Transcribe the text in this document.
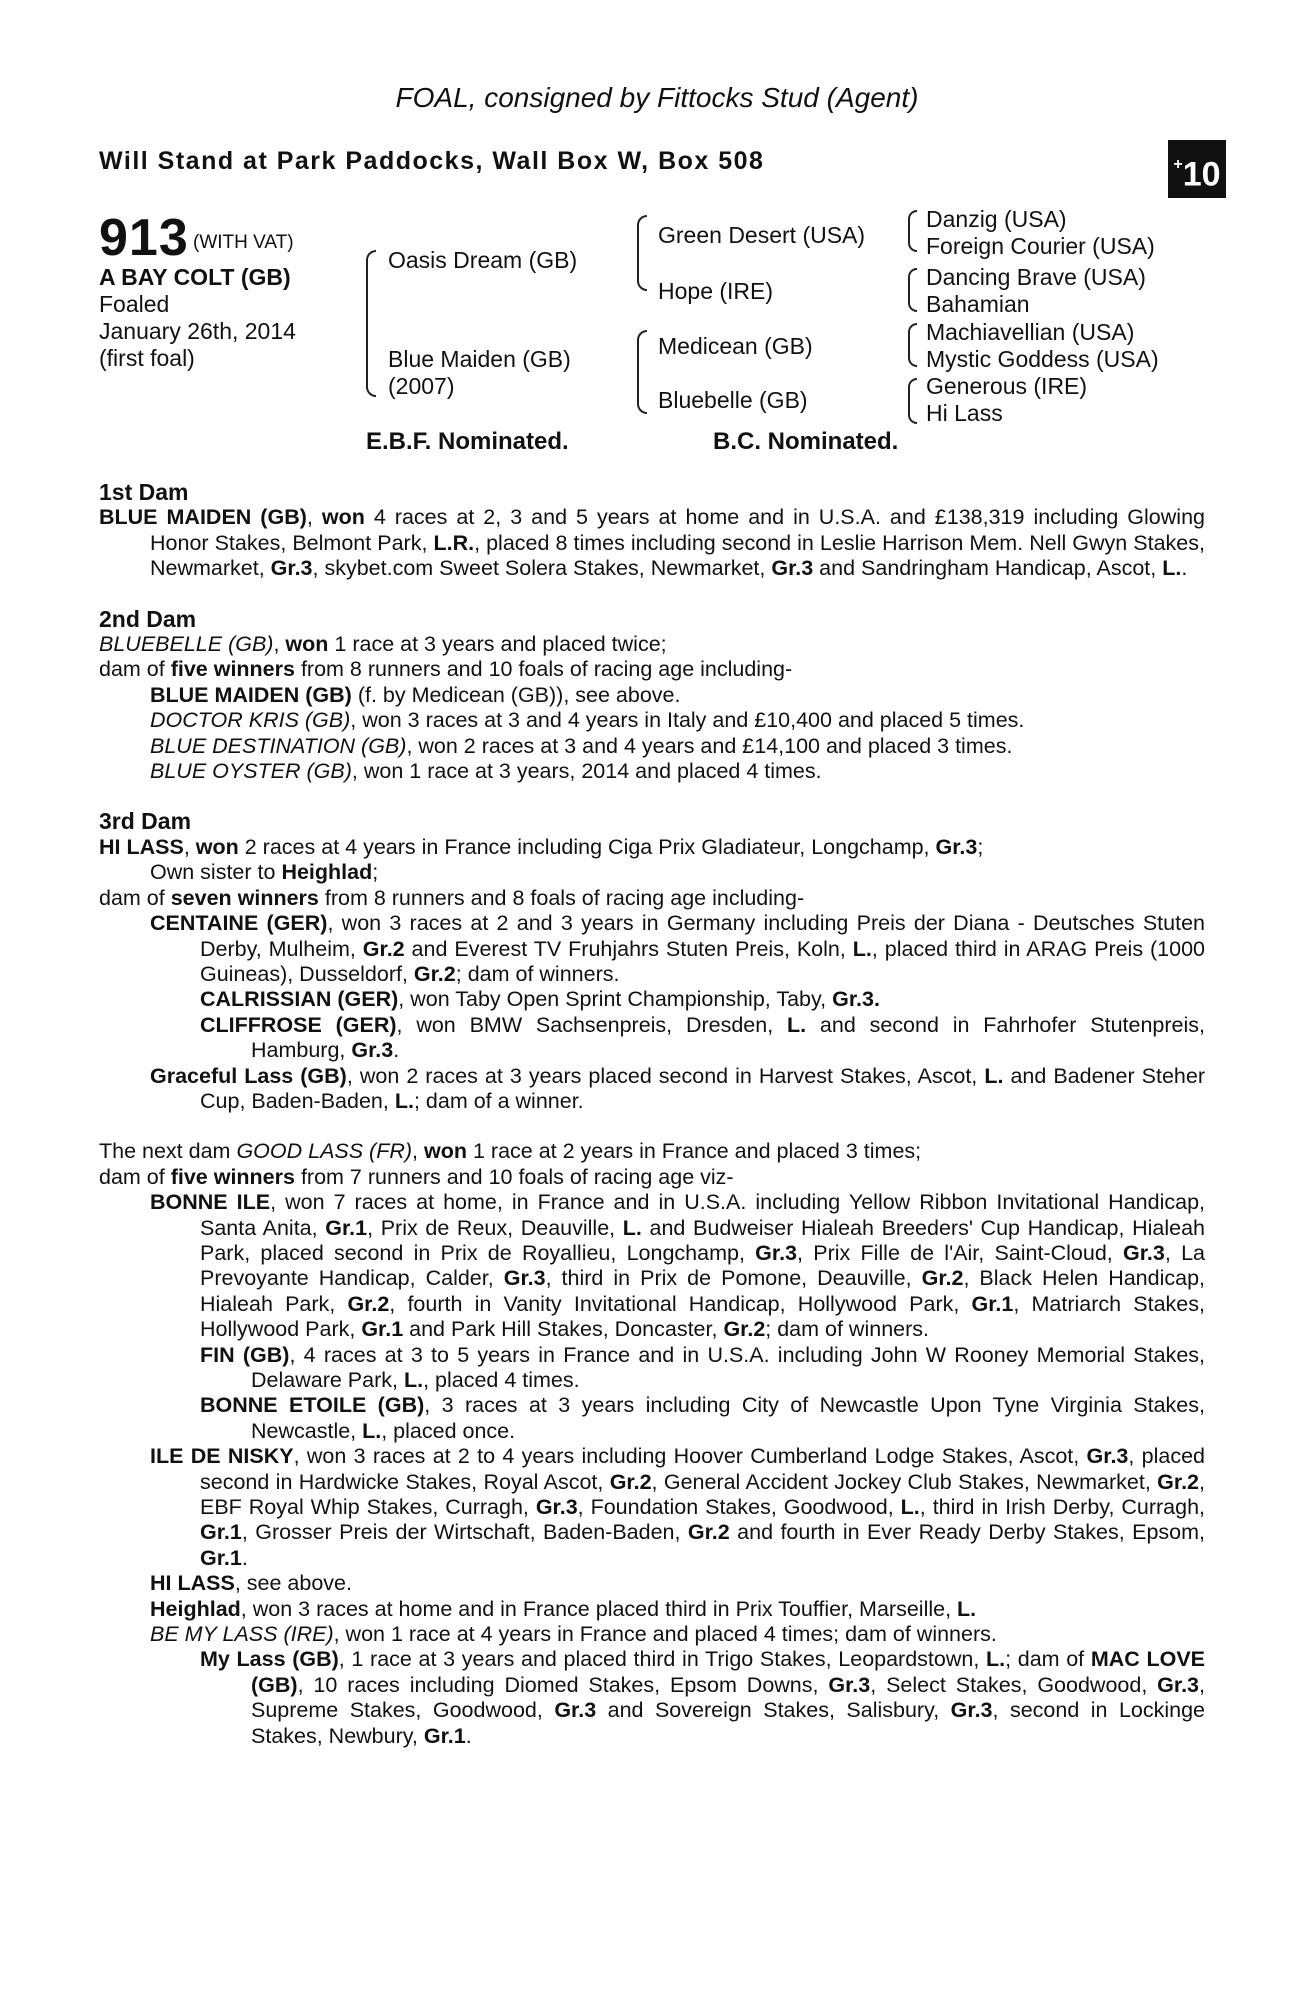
FOAL, consigned by Fittocks Stud (Agent)
Will Stand at Park Paddocks, Wall Box W, Box 508	+10
913 (WITH VAT)
A BAY COLT (GB)
Foaled
January 26th, 2014
(first foal)
Oasis Dream (GB)
Blue Maiden (GB)
(2007)
Green Desert (USA)
Hope (IRE)
Medicean (GB)
Bluebelle (GB)
Danzig (USA)
Foreign Courier (USA)
Dancing Brave (USA)
Bahamian
Machiavellian (USA)
Mystic Goddess (USA)
Generous (IRE)
Hi Lass
E.B.F. Nominated.	B.C. Nominated.

1st Dam

BLUE MAIDEN (GB), won 4 races at 2, 3 and 5 years at home and in U.S.A. and £138,319 including Glowing Honor Stakes, Belmont Park, L.R., placed 8 times including second in Leslie Harrison Mem. Nell Gwyn Stakes, Newmarket, Gr.3, skybet.com Sweet Solera Stakes, Newmarket, Gr.3 and Sandringham Handicap, Ascot, L..

2nd Dam

BLUEBELLE (GB), won 1 race at 3 years and placed twice;

dam of five winners from 8 runners and 10 foals of racing age including-

BLUE MAIDEN (GB) (f. by Medicean (GB)), see above.

DOCTOR KRIS (GB), won 3 races at 3 and 4 years in Italy and £10,400 and placed 5 times.

BLUE DESTINATION (GB), won 2 races at 3 and 4 years and £14,100 and placed 3 times.

BLUE OYSTER (GB), won 1 race at 3 years, 2014 and placed 4 times.

3rd Dam

HI LASS, won 2 races at 4 years in France including Ciga Prix Gladiateur, Longchamp, Gr.3;

Own sister to Heighlad;

dam of seven winners from 8 runners and 8 foals of racing age including-

CENTAINE (GER), won 3 races at 2 and 3 years in Germany including Preis der Diana - Deutsches Stuten Derby, Mulheim, Gr.2 and Everest TV Fruhjahrs Stuten Preis, Koln, L., placed third in ARAG Preis (1000 Guineas), Dusseldorf, Gr.2; dam of winners.

CALRISSIAN (GER), won Taby Open Sprint Championship, Taby, Gr.3.

CLIFFROSE (GER), won BMW Sachsenpreis, Dresden, L. and second in Fahrhofer Stutenpreis, Hamburg, Gr.3.

Graceful Lass (GB), won 2 races at 3 years placed second in Harvest Stakes, Ascot, L. and Badener Steher Cup, Baden-Baden, L.; dam of a winner.

The next dam GOOD LASS (FR), won 1 race at 2 years in France and placed 3 times;

dam of five winners from 7 runners and 10 foals of racing age viz-

BONNE ILE, won 7 races at home, in France and in U.S.A. including Yellow Ribbon Invitational Handicap, Santa Anita, Gr.1, Prix de Reux, Deauville, L. and Budweiser Hialeah Breeders' Cup Handicap, Hialeah Park, placed second in Prix de Royallieu, Longchamp, Gr.3, Prix Fille de l'Air, Saint-Cloud, Gr.3, La Prevoyante Handicap, Calder, Gr.3, third in Prix de Pomone, Deauville, Gr.2, Black Helen Handicap, Hialeah Park, Gr.2, fourth in Vanity Invitational Handicap, Hollywood Park, Gr.1, Matriarch Stakes, Hollywood Park, Gr.1 and Park Hill Stakes, Doncaster, Gr.2; dam of winners.

FIN (GB), 4 races at 3 to 5 years in France and in U.S.A. including John W Rooney Memorial Stakes, Delaware Park, L., placed 4 times.

BONNE ETOILE (GB), 3 races at 3 years including City of Newcastle Upon Tyne Virginia Stakes, Newcastle, L., placed once.

ILE DE NISKY, won 3 races at 2 to 4 years including Hoover Cumberland Lodge Stakes, Ascot, Gr.3, placed second in Hardwicke Stakes, Royal Ascot, Gr.2, General Accident Jockey Club Stakes, Newmarket, Gr.2, EBF Royal Whip Stakes, Curragh, Gr.3, Foundation Stakes, Goodwood, L., third in Irish Derby, Curragh, Gr.1, Grosser Preis der Wirtschaft, Baden-Baden, Gr.2 and fourth in Ever Ready Derby Stakes, Epsom, Gr.1.

HI LASS, see above.

Heighlad, won 3 races at home and in France placed third in Prix Touffier, Marseille, L.

BE MY LASS (IRE), won 1 race at 4 years in France and placed 4 times; dam of winners.

My Lass (GB), 1 race at 3 years and placed third in Trigo Stakes, Leopardstown, L.; dam of MAC LOVE (GB), 10 races including Diomed Stakes, Epsom Downs, Gr.3, Select Stakes, Goodwood, Gr.3, Supreme Stakes, Goodwood, Gr.3 and Sovereign Stakes, Salisbury, Gr.3, second in Lockinge Stakes, Newbury, Gr.1.
